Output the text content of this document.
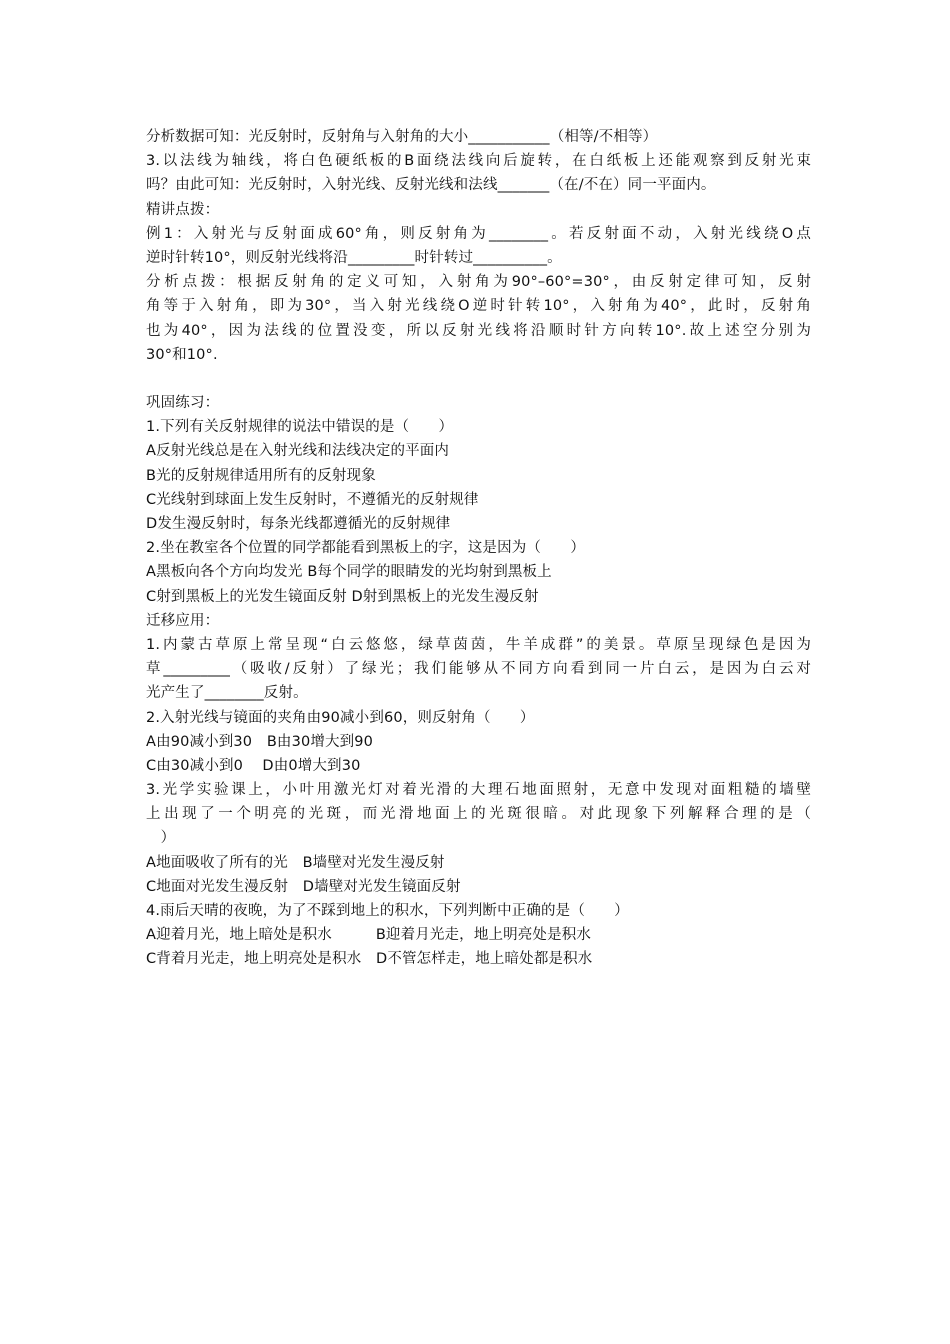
分析数据可知：光反射时，反射角与入射角的大小___________（相等/不相等）
3.以法线为轴线，将白色硬纸板的B面绕法线向后旋转，在白纸板上还能观察到反射光束
吗？由此可知：光反射时，入射光线、反射光线和法线_______（在/不在）同一平面内。
精讲点拨：
例1：入射光与反射面成60°角，则反射角为________。若反射面不动，入射光线绕O点
逆时针转10°，则反射光线将沿_________时针转过__________。
分析点拨：根据反射角的定义可知，入射角为90°–60°=30°，由反射定律可知，反射
角等于入射角，即为30°，当入射光线绕O逆时针转10°，入射角为40°，此时，反射角
也为40°，因为法线的位置没变，所以反射光线将沿顺时针方向转10°.故上述空分别为
30°和10°.
巩固练习：
1.下列有关反射规律的说法中错误的是（　　）
A反射光线总是在入射光线和法线决定的平面内
B光的反射规律适用所有的反射现象
C光线射到球面上发生反射时，不遵循光的反射规律
D发生漫反射时，每条光线都遵循光的反射规律
2.坐在教室各个位置的同学都能看到黑板上的字，这是因为（　　）
A黑板向各个方向均发光 B每个同学的眼睛发的光均射到黑板上
C射到黑板上的光发生镜面反射 D射到黑板上的光发生漫反射
迁移应用：
1.内蒙古草原上常呈现“白云悠悠，绿草茵茵，牛羊成群”的美景。草原呈现绿色是因为
草_________（吸收/反射）了绿光；我们能够从不同方向看到同一片白云，是因为白云对
光产生了________反射。
2.入射光线与镜面的夹角由90减小到60，则反射角（　　）
A由90减小到30　B由30增大到90
C由30减小到0　 D由0增大到30
3.光学实验课上，小叶用激光灯对着光滑的大理石地面照射，无意中发现对面粗糙的墙壁
上出现了一个明亮的光斑，而光滑地面上的光斑很暗。对此现象下列解释合理的是（
　）
A地面吸收了所有的光　B墙壁对光发生漫反射
C地面对光发生漫反射　D墙壁对光发生镜面反射
4.雨后天晴的夜晚，为了不踩到地上的积水，下列判断中正确的是（　　）
A迎着月光，地上暗处是积水　　　B迎着月光走，地上明亮处是积水
C背着月光走，地上明亮处是积水　D不管怎样走，地上暗处都是积水
